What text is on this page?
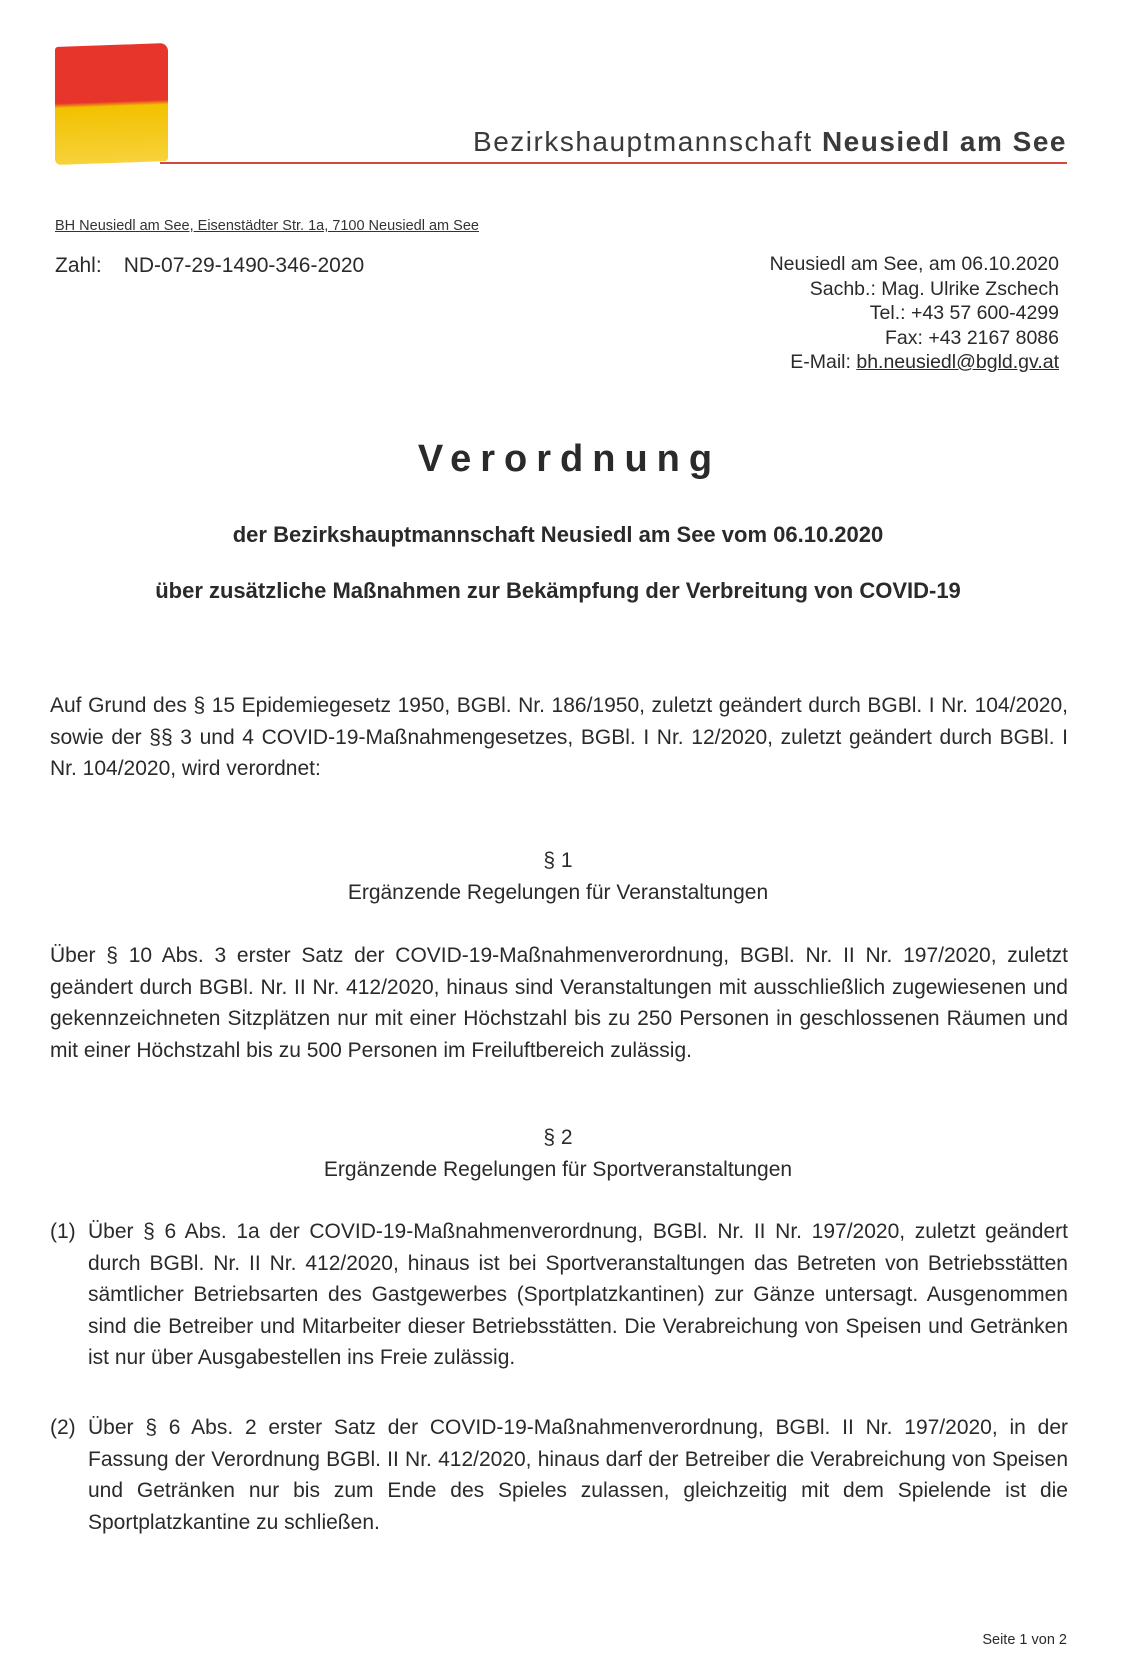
Bezirkshauptmannschaft Neusiedl am See
BH Neusiedl am See, Eisenstädter Str. 1a, 7100 Neusiedl am See
Zahl: ND-07-29-1490-346-2020	Neusiedl am See, am 06.10.2020
Sachb.: Mag. Ulrike Zschech
Tel.: +43 57 600-4299
Fax: +43 2167 8086
E-Mail: bh.neusiedl@bgld.gv.at
Verordnung
der Bezirkshauptmannschaft Neusiedl am See vom 06.10.2020
über zusätzliche Maßnahmen zur Bekämpfung der Verbreitung von COVID-19
Auf Grund des § 15 Epidemiegesetz 1950, BGBl. Nr. 186/1950, zuletzt geändert durch BGBl. I Nr. 104/2020, sowie der §§ 3 und 4 COVID-19-Maßnahmengesetzes, BGBl. I Nr. 12/2020, zuletzt geändert durch BGBl. I Nr. 104/2020, wird verordnet:
§ 1
Ergänzende Regelungen für Veranstaltungen
Über § 10 Abs. 3 erster Satz der COVID-19-Maßnahmenverordnung, BGBl. Nr. II Nr. 197/2020, zuletzt geändert durch BGBl. Nr. II Nr. 412/2020, hinaus sind Veranstaltungen mit ausschließlich zugewiesenen und gekennzeichneten Sitzplätzen nur mit einer Höchstzahl bis zu 250 Personen in geschlossenen Räumen und mit einer Höchstzahl bis zu 500 Personen im Freiluftbereich zulässig.
§ 2
Ergänzende Regelungen für Sportveranstaltungen
(1) Über § 6 Abs. 1a der COVID-19-Maßnahmenverordnung, BGBl. Nr. II Nr. 197/2020, zuletzt geändert durch BGBl. Nr. II Nr. 412/2020, hinaus ist bei Sportveranstaltungen das Betreten von Betriebsstätten sämtlicher Betriebsarten des Gastgewerbes (Sportplatzkantinen) zur Gänze untersagt. Ausgenommen sind die Betreiber und Mitarbeiter dieser Betriebsstätten. Die Verabreichung von Speisen und Getränken ist nur über Ausgabestellen ins Freie zulässig.
(2) Über § 6 Abs. 2 erster Satz der COVID-19-Maßnahmenverordnung, BGBl. II Nr. 197/2020, in der Fassung der Verordnung BGBl. II Nr. 412/2020, hinaus darf der Betreiber die Verabreichung von Speisen und Getränken nur bis zum Ende des Spieles zulassen, gleichzeitig mit dem Spielende ist die Sportplatzkantine zu schließen.
Seite 1 von 2
